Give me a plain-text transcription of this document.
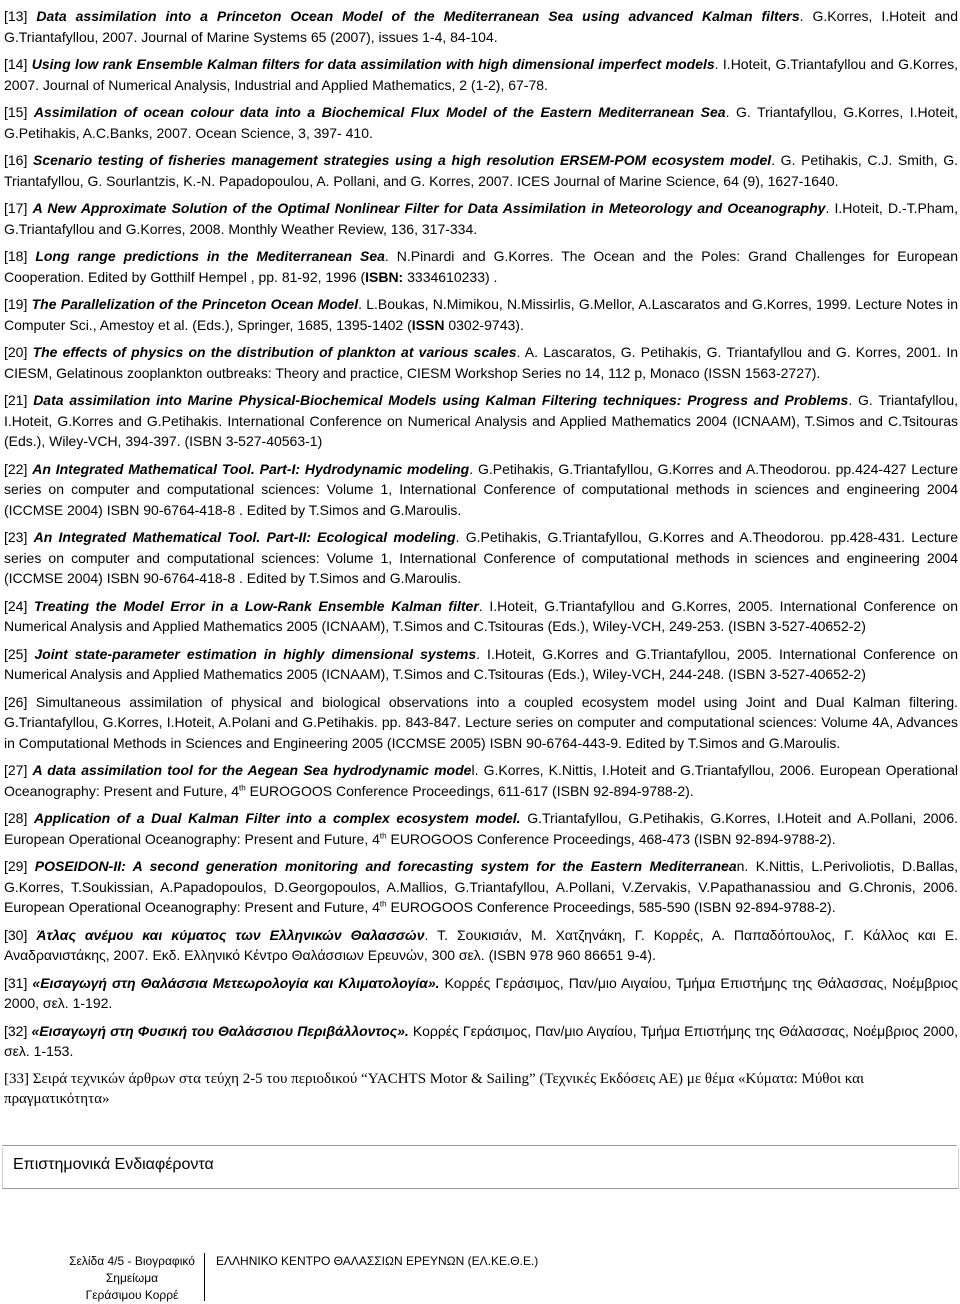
[13] Data assimilation into a Princeton Ocean Model of the Mediterranean Sea using advanced Kalman filters. G.Korres, I.Hoteit and G.Triantafyllou, 2007. Journal of Marine Systems 65 (2007), issues 1-4, 84-104.

[14] Using low rank Ensemble Kalman filters for data assimilation with high dimensional imperfect models. I.Hoteit, G.Triantafyllou and G.Korres, 2007. Journal of Numerical Analysis, Industrial and Applied Mathematics, 2 (1-2), 67-78.

[15] Assimilation of ocean colour data into a Biochemical Flux Model of the Eastern Mediterranean Sea. G. Triantafyllou, G.Korres, I.Hoteit, G.Petihakis, A.C.Banks, 2007. Ocean Science, 3, 397- 410.

[16] Scenario testing of fisheries management strategies using a high resolution ERSEM-POM ecosystem model. G. Petihakis, C.J. Smith, G. Triantafyllou, G. Sourlantzis, K.-N. Papadopoulou, A. Pollani, and G. Korres, 2007. ICES Journal of Marine Science, 64 (9), 1627-1640.

[17] A New Approximate Solution of the Optimal Nonlinear Filter for Data Assimilation in Meteorology and Oceanography. I.Hoteit, D.-T.Pham, G.Triantafyllou and G.Korres, 2008. Monthly Weather Review, 136, 317-334.

[18] Long range predictions in the Mediterranean Sea. N.Pinardi and G.Korres. The Ocean and the Poles: Grand Challenges for European Cooperation. Edited by Gotthilf Hempel , pp. 81-92, 1996 (ISBN: 3334610233) .

[19] The Parallelization of the Princeton Ocean Model. L.Boukas, N.Mimikou, N.Missirlis, G.Mellor, A.Lascaratos and G.Korres, 1999. Lecture Notes in Computer Sci., Amestoy et al. (Eds.), Springer, 1685, 1395-1402 (ISSN 0302-9743).

[20] The effects of physics on the distribution of plankton at various scales. A. Lascaratos, G. Petihakis, G. Triantafyllou and G. Korres, 2001. In CIESM, Gelatinous zooplankton outbreaks: Theory and practice, CIESM Workshop Series no 14, 112 p, Monaco (ISSN 1563-2727).

[21] Data assimilation into Marine Physical-Biochemical Models using Kalman Filtering techniques: Progress and Problems. G. Triantafyllou, I.Hoteit, G.Korres and G.Petihakis. International Conference on Numerical Analysis and Applied Mathematics 2004 (ICNAAM), T.Simos and C.Tsitouras (Eds.), Wiley-VCH, 394-397. (ISBN 3-527-40563-1)

[22] An Integrated Mathematical Tool. Part-I: Hydrodynamic modeling. G.Petihakis, G.Triantafyllou, G.Korres and A.Theodorou. pp.424-427 Lecture series on computer and computational sciences: Volume 1, International Conference of computational methods in sciences and engineering 2004 (ICCMSE 2004) ISBN 90-6764-418-8 . Edited by T.Simos and G.Maroulis.

[23] An Integrated Mathematical Tool. Part-II: Ecological modeling. G.Petihakis, G.Triantafyllou, G.Korres and A.Theodorou. pp.428-431. Lecture series on computer and computational sciences: Volume 1, International Conference of computational methods in sciences and engineering 2004 (ICCMSE 2004) ISBN 90-6764-418-8 . Edited by T.Simos and G.Maroulis.

[24] Treating the Model Error in a Low-Rank Ensemble Kalman filter. I.Hoteit, G.Triantafyllou and G.Korres, 2005. International Conference on Numerical Analysis and Applied Mathematics 2005 (ICNAAM), T.Simos and C.Tsitouras (Eds.), Wiley-VCH, 249-253. (ISBN 3-527-40652-2)

[25] Joint state-parameter estimation in highly dimensional systems. I.Hoteit, G.Korres and G.Triantafyllou, 2005. International Conference on Numerical Analysis and Applied Mathematics 2005 (ICNAAM), T.Simos and C.Tsitouras (Eds.), Wiley-VCH, 244-248. (ISBN 3-527-40652-2)

[26] Simultaneous assimilation of physical and biological observations into a coupled ecosystem model using Joint and Dual Kalman filtering. G.Triantafyllou, G.Korres, I.Hoteit, A.Polani and G.Petihakis. pp. 843-847. Lecture series on computer and computational sciences: Volume 4A, Advances in Computational Methods in Sciences and Engineering 2005 (ICCMSE 2005) ISBN 90-6764-443-9. Edited by T.Simos and G.Maroulis.

[27] A data assimilation tool for the Aegean Sea hydrodynamic model. G.Korres, K.Nittis, I.Hoteit and G.Triantafyllou, 2006. European Operational Oceanography: Present and Future, 4th EUROGOOS Conference Proceedings, 611-617 (ISBN 92-894-9788-2).

[28] Application of a Dual Kalman Filter into a complex ecosystem model. G.Triantafyllou, G.Petihakis, G.Korres, I.Hoteit and A.Pollani, 2006. European Operational Oceanography: Present and Future, 4th EUROGOOS Conference Proceedings, 468-473 (ISBN 92-894-9788-2).

[29] POSEIDON-II: A second generation monitoring and forecasting system for the Eastern Mediterranean. K.Nittis, L.Perivoliotis, D.Ballas, G.Korres, T.Soukissian, A.Papadopoulos, D.Georgopoulos, A.Mallios, G.Triantafyllou, A.Pollani, V.Zervakis, V.Papathanassiou and G.Chronis, 2006. European Operational Oceanography: Present and Future, 4th EUROGOOS Conference Proceedings, 585-590 (ISBN 92-894-9788-2).

[30] Άτλας ανέμου και κύματος των Ελληνικών Θαλασσών. Τ. Σουκισιάν, Μ. Χατζηνάκη, Γ. Κορρές, Α. Παπαδόπουλος, Γ. Κάλλος και Ε. Αναδρανιστάκης, 2007. Εκδ. Ελληνικό Κέντρο Θαλάσσιων Ερευνών, 300 σελ. (ISBN 978 960 86651 9-4).

[31] «Εισαγωγή στη Θαλάσσια Μετεωρολογία και Κλιματολογία». Κορρές Γεράσιμος, Παν/μιο Αιγαίου, Τμήμα Επιστήμης της Θάλασσας, Νοέμβριος 2000, σελ. 1-192.

[32] «Εισαγωγή στη Φυσική του Θαλάσσιου Περιβάλλοντος». Κορρές Γεράσιμος, Παν/μιο Αιγαίου, Τμήμα Επιστήμης της Θάλασσας, Νοέμβριος 2000, σελ. 1-153.

[33] Σειρά τεχνικών άρθρων στα τεύχη 2-5 του περιοδικού “YACHTS Motor & Sailing” (Τεχνικές Εκδόσεις ΑΕ) με θέμα «Κύματα: Μύθοι και πραγματικότητα»

Επιστημονικά Ενδιαφέροντα
Σελίδα 4/5 - Βιογραφικό
Σημείωμα
Γεράσιμου Κορρέ
ΕΛΛΗΝΙΚΟ ΚΕΝΤΡΟ ΘΑΛΑΣΣΙΩΝ ΕΡΕΥΝΩΝ (ΕΛ.ΚΕ.Θ.Ε.)
